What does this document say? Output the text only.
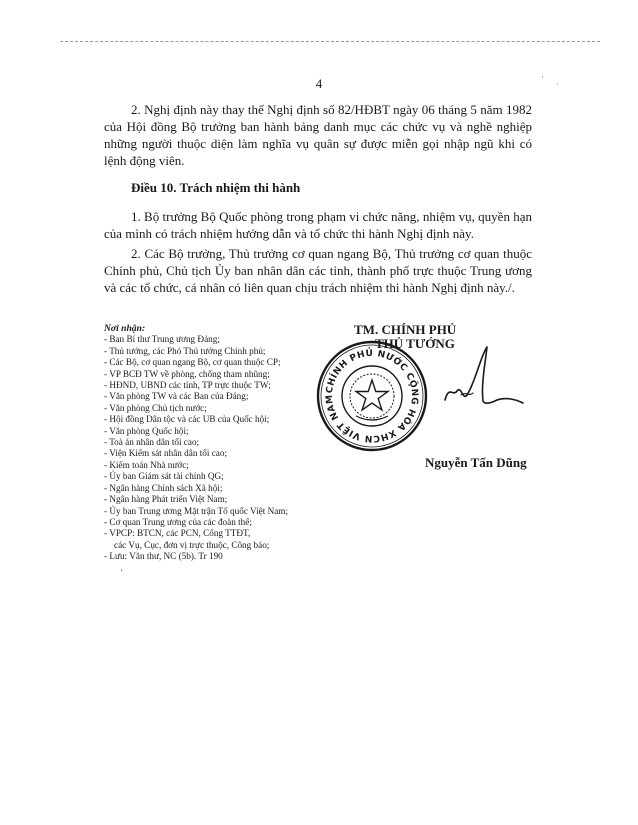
4	·
·
2. Nghị định này thay thế Nghị định số 82/HĐBT ngày 06 tháng 5 năm 1982 của Hội đồng Bộ trưởng ban hành bảng danh mục các chức vụ và nghề nghiệp những người thuộc diện làm nghĩa vụ quân sự được miễn gọi nhập ngũ khi có lệnh động viên.
Điều 10. Trách nhiệm thi hành
1. Bộ trưởng Bộ Quốc phòng trong phạm vi chức năng, nhiệm vụ, quyền hạn của mình có trách nhiệm hướng dẫn và tổ chức thi hành Nghị định này.
2. Các Bộ trưởng, Thủ trưởng cơ quan ngang Bộ, Thủ trưởng cơ quan thuộc Chính phủ, Chủ tịch Ủy ban nhân dân các tỉnh, thành phố trực thuộc Trung ương và các tổ chức, cá nhân có liên quan chịu trách nhiệm thi hành Nghị định này./.
Nơi nhận:
- Ban Bí thư Trung ương Đảng;
- Thủ tướng, các Phó Thủ tướng Chính phủ;
- Các Bộ, cơ quan ngang Bộ, cơ quan thuộc CP;
- VP BCĐ TW về phòng, chống tham nhũng;
- HĐND, UBND các tỉnh, TP trực thuộc TW;
- Văn phòng TW và các Ban của Đảng;
- Văn phòng Chủ tịch nước;
- Hội đồng Dân tộc và các UB của Quốc hội;
- Văn phòng Quốc hội;
- Toà án nhân dân tối cao;
- Viện Kiểm sát nhân dân tối cao;
- Kiểm toán Nhà nước;
- Ủy ban Giám sát tài chính QG;
- Ngân hàng Chính sách Xã hội;
- Ngân hàng Phát triển Việt Nam;
- Ủy ban Trung ương Mặt trận Tổ quốc Việt Nam;
- Cơ quan Trung ương của các đoàn thể;
- VPCP: BTCN, các PCN, Cổng TTĐT,
các Vụ, Cục, đơn vị trực thuộc, Công báo;
- Lưu: Văn thư, NC (5b). Tr 190
'
TM. CHÍNH PHỦ
THỦ TƯỚNG
CHÍNH PHỦ NƯỚC CỘNG HÒA XHCN VIỆT NAM
Nguyễn Tấn Dũng
